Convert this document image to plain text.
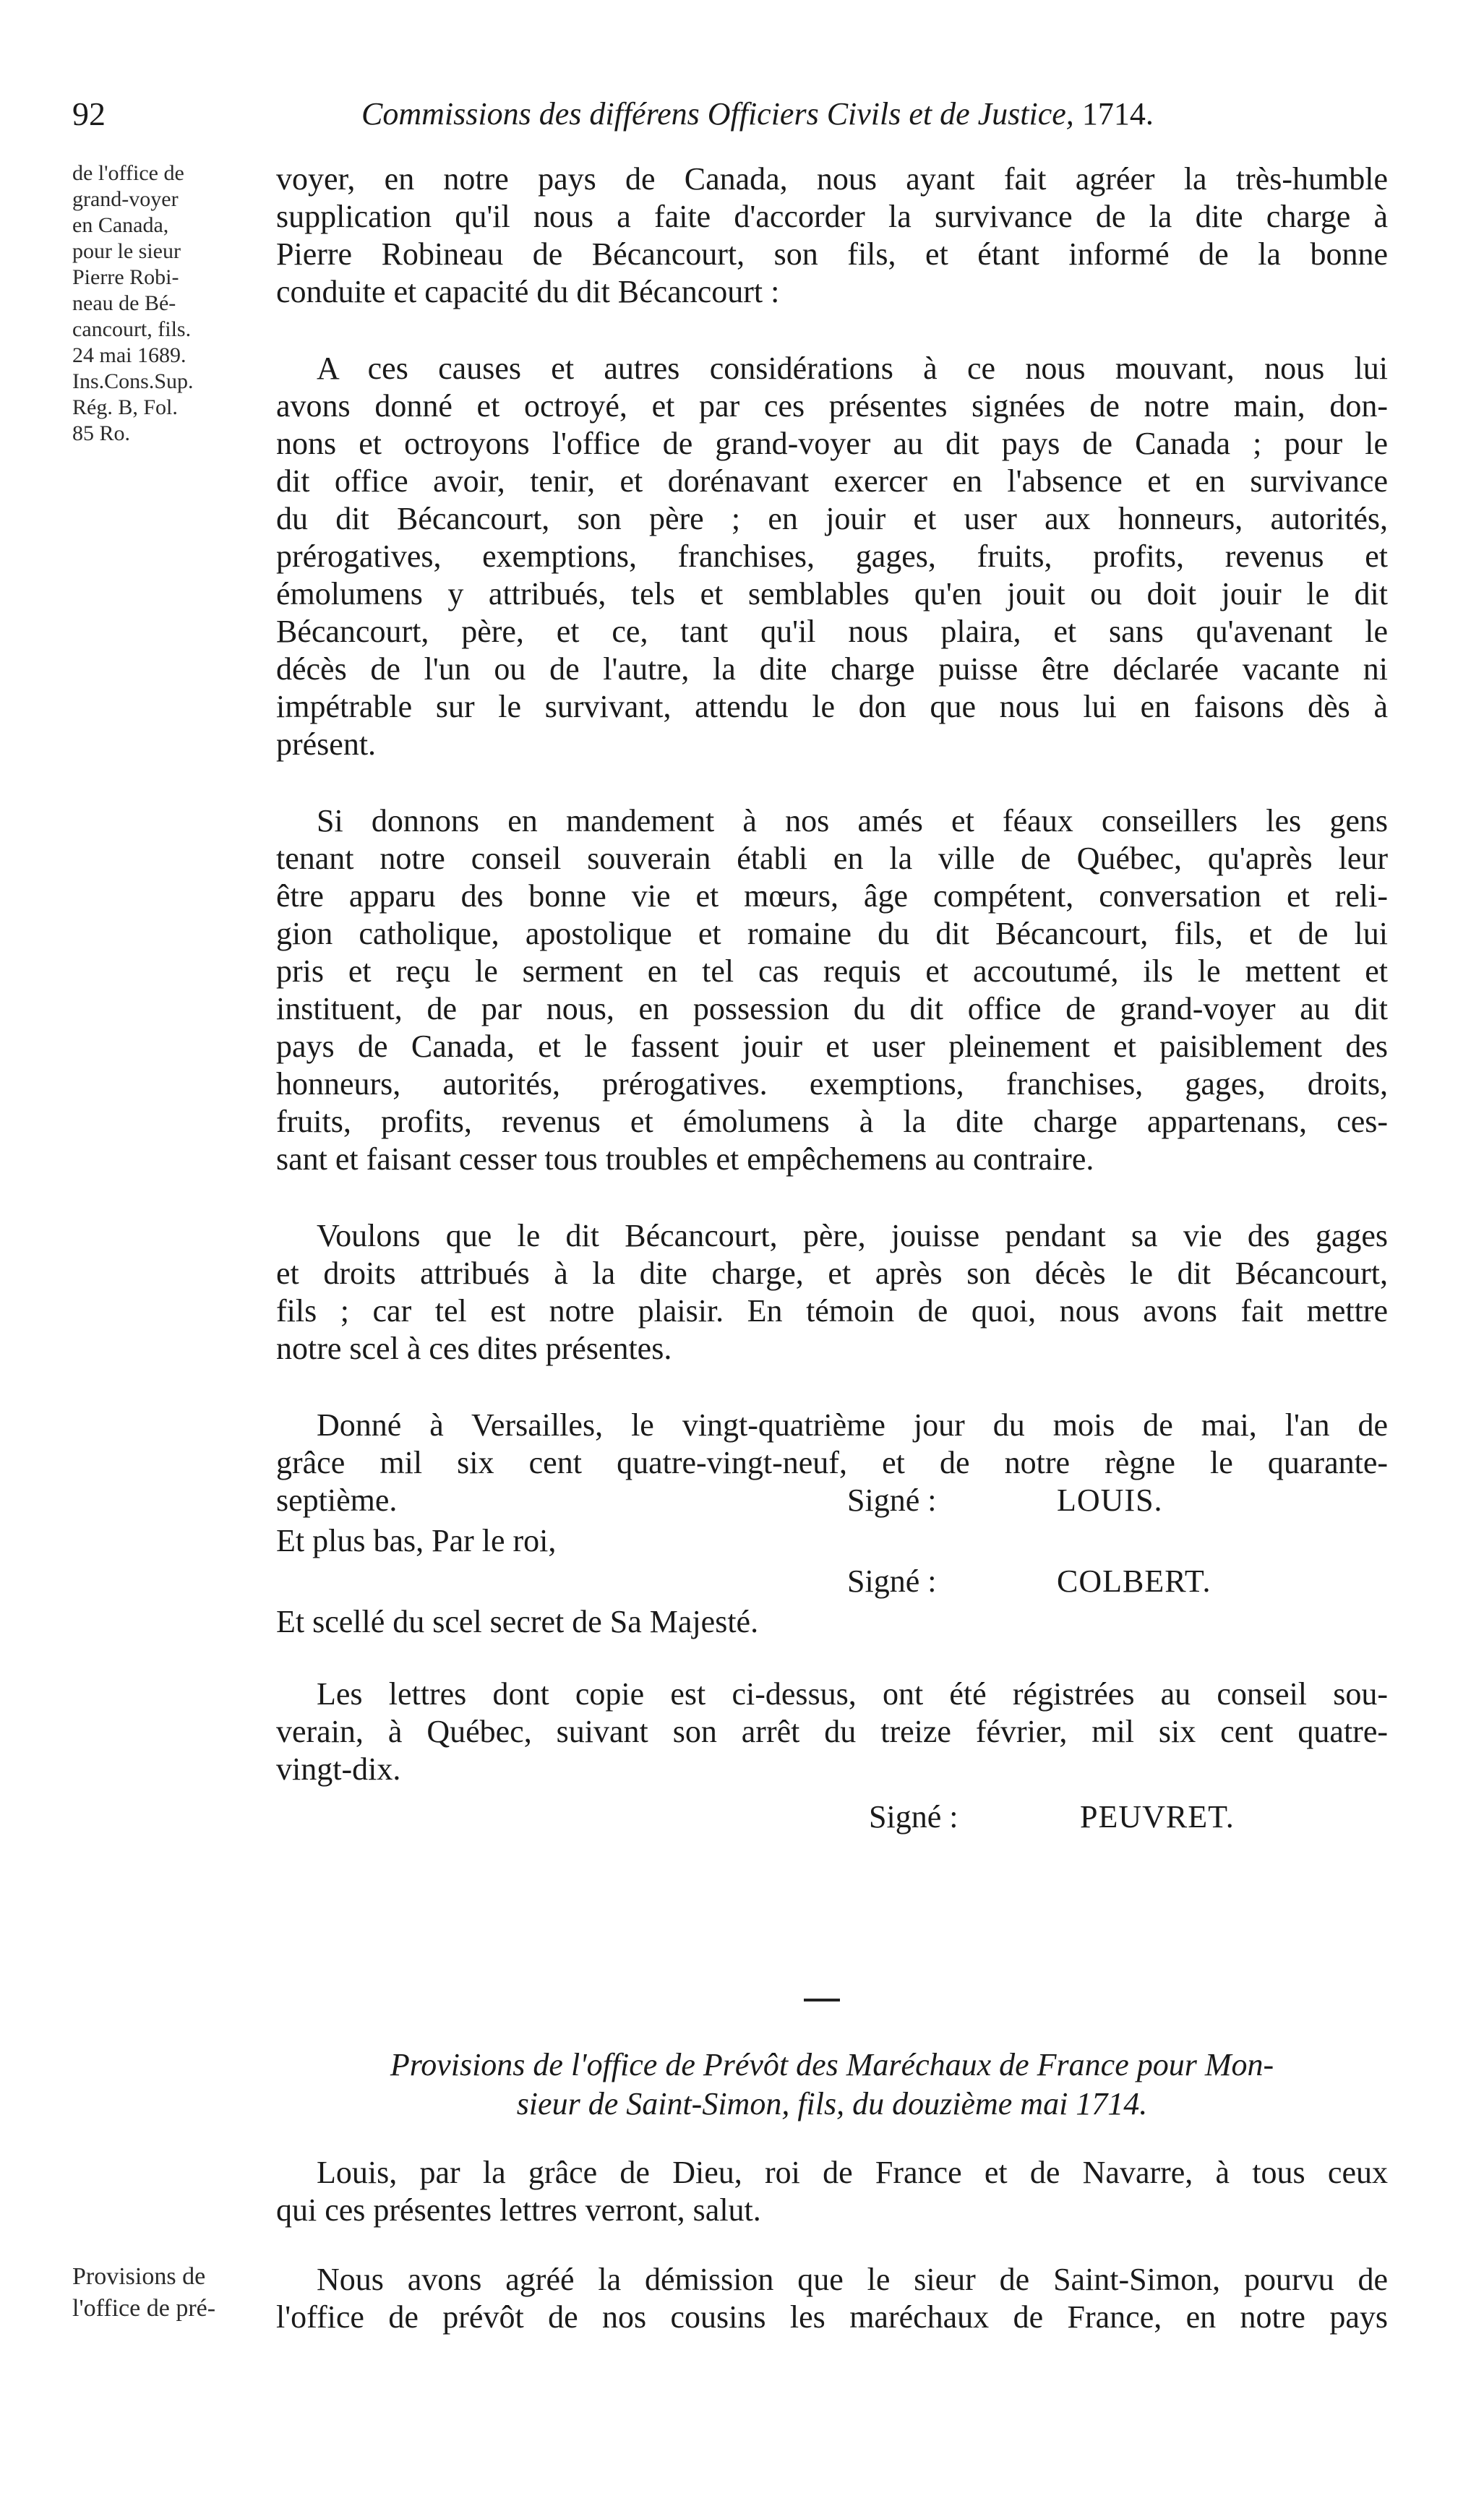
92	Commissions des différens Officiers Civils et de Justice, 1714.
de l'office de
grand-voyer
en Canada,
pour le sieur
Pierre Robi-
neau de Bé-
cancourt, fils.
24 mai 1689.
Ins.Cons.Sup.
Rég. B, Fol.
85 Ro.

voyer, en notre pays de Canada, nous ayant fait agréer la très-humble
supplication qu'il nous a faite d'accorder la survivance de la dite charge à
Pierre Robineau de Bécancourt, son fils, et étant informé de la bonne
conduite et capacité du dit Bécancourt :

A ces causes et autres considérations à ce nous mouvant, nous lui
avons donné et octroyé, et par ces présentes signées de notre main, don-
nons et octroyons l'office de grand-voyer au dit pays de Canada ; pour le
dit office avoir, tenir, et dorénavant exercer en l'absence et en survivance
du dit Bécancourt, son père ; en jouir et user aux honneurs, autorités,
prérogatives, exemptions, franchises, gages, fruits, profits, revenus et
émolumens y attribués, tels et semblables qu'en jouit ou doit jouir le dit
Bécancourt, père, et ce, tant qu'il nous plaira, et sans qu'avenant le
décès de l'un ou de l'autre, la dite charge puisse être déclarée vacante ni
impétrable sur le survivant, attendu le don que nous lui en faisons dès à
présent.

Si donnons en mandement à nos amés et féaux conseillers les gens
tenant notre conseil souverain établi en la ville de Québec, qu'après leur
être apparu des bonne vie et mœurs, âge compétent, conversation et reli-
gion catholique, apostolique et romaine du dit Bécancourt, fils, et de lui
pris et reçu le serment en tel cas requis et accoutumé, ils le mettent et
instituent, de par nous, en possession du dit office de grand-voyer au dit
pays de Canada, et le fassent jouir et user pleinement et paisiblement des
honneurs, autorités, prérogatives. exemptions, franchises, gages, droits,
fruits, profits, revenus et émolumens à la dite charge appartenans, ces-
sant et faisant cesser tous troubles et empêchemens au contraire.

Voulons que le dit Bécancourt, père, jouisse pendant sa vie des gages
et droits attribués à la dite charge, et après son décès le dit Bécancourt,
fils ; car tel est notre plaisir. En témoin de quoi, nous avons fait mettre
notre scel à ces dites présentes.

Donné à Versailles, le vingt-quatrième jour du mois de mai, l'an de
grâce mil six cent quatre-vingt-neuf, et de notre règne le quarante-
septième.	Signé :	LOUIS.
Et plus bas, Par le roi,
Signé :	COLBERT.
Et scellé du scel secret de Sa Majesté.

Les lettres dont copie est ci-dessus, ont été régistrées au conseil sou-
verain, à Québec, suivant son arrêt du treize février, mil six cent quatre-
vingt-dix.

Signé :	PEUVRET.
Provisions de l'office de Prévôt des Maréchaux de France pour Mon-
sieur de Saint-Simon, fils, du douzième mai 1714.

Louis, par la grâce de Dieu, roi de France et de Navarre, à tous ceux
qui ces présentes lettres verront, salut.

Provisions de
l'office de pré-

Nous avons agréé la démission que le sieur de Saint-Simon, pourvu de
l'office de prévôt de nos cousins les maréchaux de France, en notre pays
